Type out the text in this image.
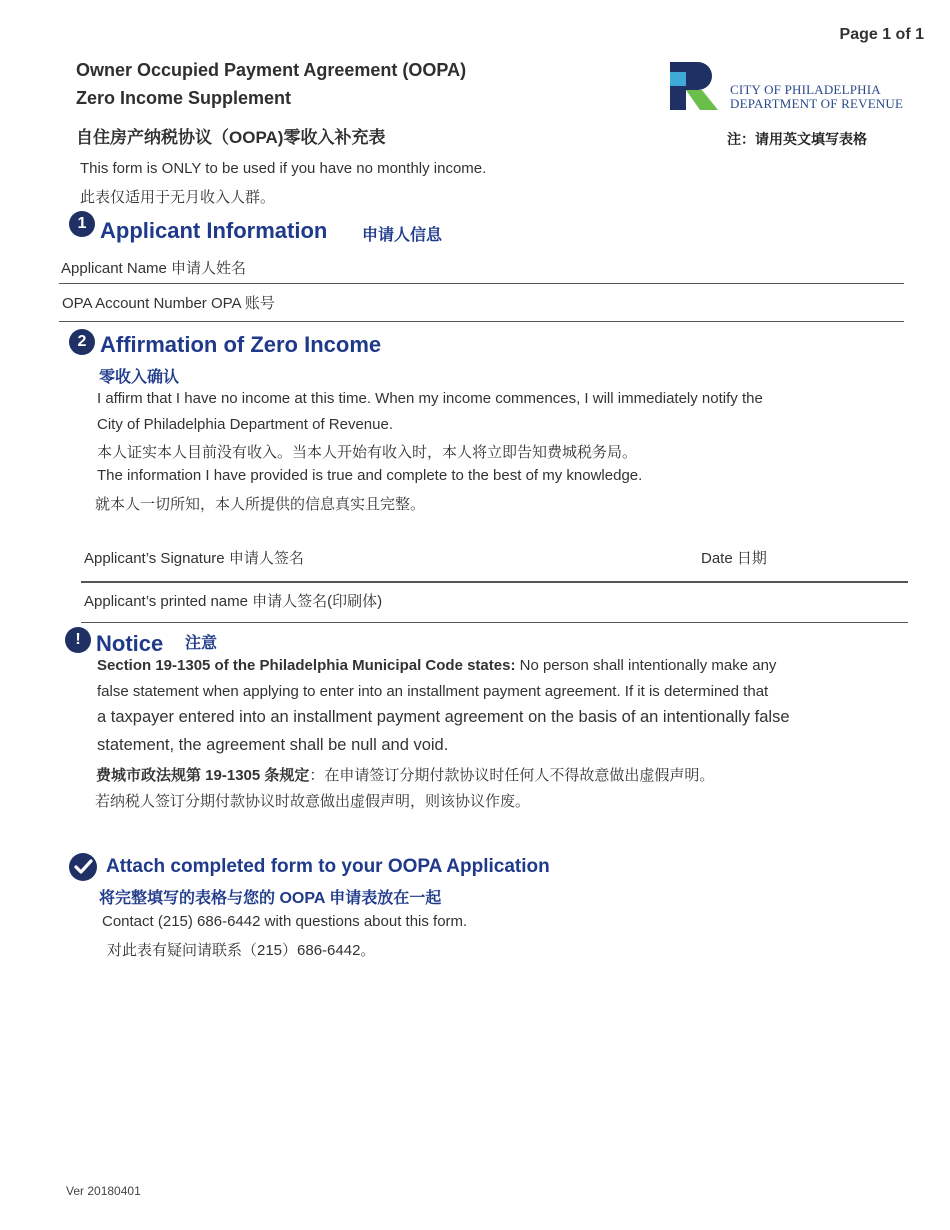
Page 1 of 1
Owner Occupied Payment Agreement (OOPA)
Zero Income Supplement
自住房产纳税协议（OOPA)零收入补充表
This form is ONLY to be used if you have no monthly income.
此表仅适用于无月收入人群。
CITY OF PHILADELPHIA
DEPARTMENT OF REVENUE
注：请用英文填写表格
1 Applicant Information 申请人信息
Applicant Name 申请人姓名
OPA Account Number OPA 账号
2 Affirmation of Zero Income
零收入确认
I affirm that I have no income at this time. When my income commences, I will immediately notify the
City of Philadelphia Department of Revenue.
本人证实本人目前没有收入。当本人开始有收入时，本人将立即告知费城税务局。
The information I have provided is true and complete to the best of my knowledge.
就本人一切所知，本人所提供的信息真实且完整。
Applicant’s Signature 申请人签名	Date 日期
Applicant’s printed name 申请人签名(印刷体)
! Notice 注意
Section 19-1305 of the Philadelphia Municipal Code states: No person shall intentionally make any
false statement when applying to enter into an installment payment agreement. If it is determined that
a taxpayer entered into an installment payment agreement on the basis of an intentionally false
statement, the agreement shall be null and void.
费城市政法规第 19-1305 条规定：在申请签订分期付款协议时任何人不得故意做出虚假声明。
若纳税人签订分期付款协议时故意做出虚假声明，则该协议作废。
Attach completed form to your OOPA Application
将完整填写的表格与您的 OOPA 申请表放在一起
Contact (215) 686-6442 with questions about this form.
对此表有疑问请联系（215）686-6442。
Ver 20180401
